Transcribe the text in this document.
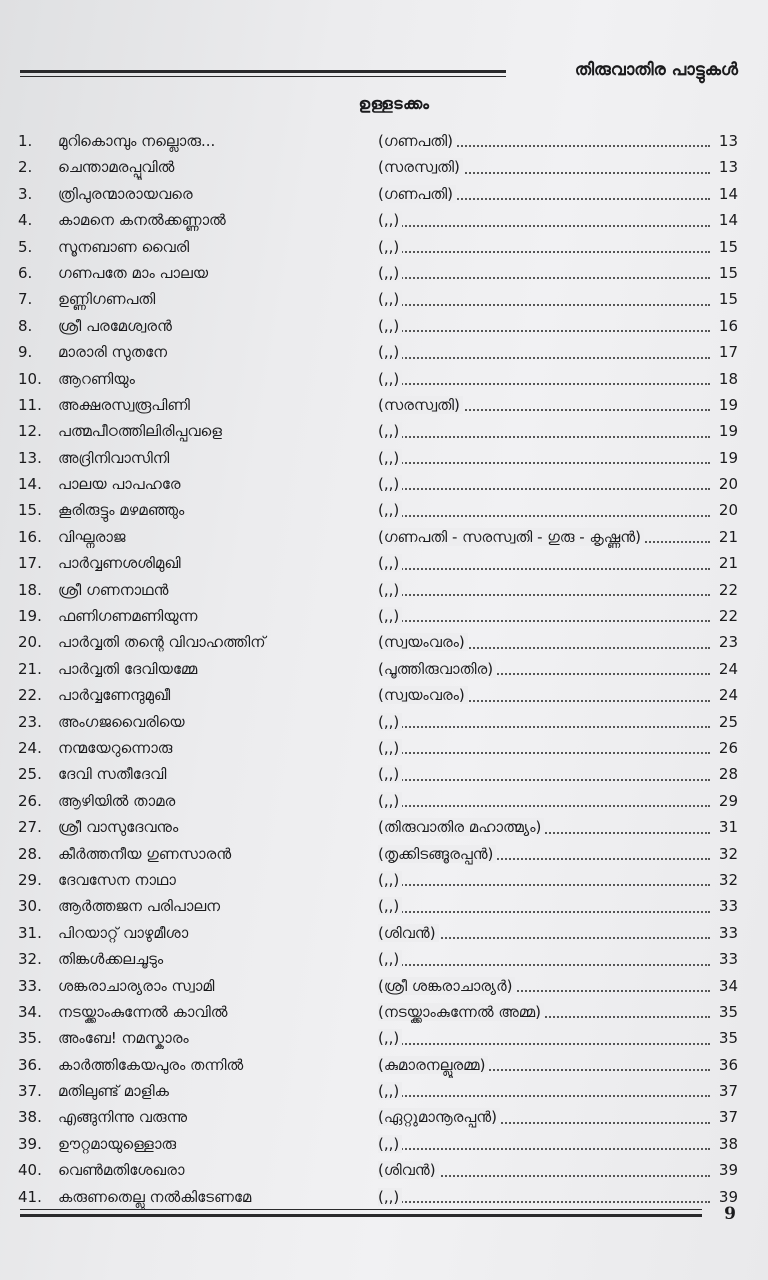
തിരുവാതിര പാട്ടുകൾ
ഉള്ളടക്കം
1.	മുറികൊമ്പും നല്ലൊരു...	(ഗണപതി)	13
2.	ചെന്താമരപ്പൂവിൽ	(സരസ്വതി)	13
3.	ത്രിപുരന്മാരായവരെ	(ഗണപതി)	14
4.	കാമനെ കനൽക്കണ്ണാൽ	(,,)	14
5.	സൂനബാണ വൈരി	(,,)	15
6.	ഗണപതേ മാം പാലയ	(,,)	15
7.	ഉണ്ണിഗണപതി	(,,)	15
8.	ശ്രീ പരമേശ്വരൻ	(,,)	16
9.	മാരാരി സുതനേ	(,,)	17
10.	ആറണിയും	(,,)	18
11.	അക്ഷരസ്വരൂപിണി	(സരസ്വതി)	19
12.	പത്മപീഠത്തിലിരിപ്പവളെ	(,,)	19
13.	അദ്രിനിവാസിനി	(,,)	19
14.	പാലയ പാപഹരേ	(,,)	20
15.	കൂരിരുട്ടും മഴമഞ്ഞും	(,,)	20
16.	വിഘ്നരാജ	(ഗണപതി - സരസ്വതി - ഗുരു - കൃഷ്ണൻ)	21
17.	പാർവ്വണശശിമുഖി	(,,)	21
18.	ശ്രീ ഗണനാഥൻ	(,,)	22
19.	ഫണിഗണമണിയുന്ന	(,,)	22
20.	പാർവ്വതി തന്റെ വിവാഹത്തിന്	(സ്വയംവരം)	23
21.	പാർവ്വതി ദേവിയമ്മേ	(പൂത്തിരുവാതിര)	24
22.	പാർവ്വണേന്ദുമുഖീ	(സ്വയംവരം)	24
23.	അംഗജവൈരിയെ	(,,)	25
24.	നന്മയേറുന്നൊരു	(,,)	26
25.	ദേവി സതീദേവി	(,,)	28
26.	ആഴിയിൽ താമര	(,,)	29
27.	ശ്രീ വാസുദേവനും	(തിരുവാതിര മഹാത്മ്യം)	31
28.	കീർത്തനീയ ഗുണസാരൻ	(തൃക്കിടങ്ങൂരപ്പൻ)	32
29.	ദേവസേന നാഥാ	(,,)	32
30.	ആർത്തജന പരിപാലന	(,,)	33
31.	പിറയാറ്റ് വാഴുമീശാ	(ശിവൻ)	33
32.	തിങ്കൾക്കലചൂടും	(,,)	33
33.	ശങ്കരാചാര്യരാം സ്വാമി	(ശ്രീ ശങ്കരാചാര്യർ)	34
34.	നടയ്ക്കാംകുന്നേൽ കാവിൽ	(നടയ്ക്കാംകുന്നേൽ അമ്മ)	35
35.	അംബേ! നമസ്കാരം	(,,)	35
36.	കാർത്തികേയപുരം തന്നിൽ	(കുമാരനല്ലൂരമ്മ)	36
37.	മതിലുണ്ട് മാളിക	(,,)	37
38.	എങ്ങുനിന്നു വരുന്നു	(ഏറ്റുമാനൂരപ്പൻ)	37
39.	ഊറ്റമായുള്ളൊരു	(,,)	38
40.	വെൺമതിശേഖരാ	(ശിവൻ)	39
41.	കരുണതെല്ലു നൽകിടേണമേ	(,,)	39
9
